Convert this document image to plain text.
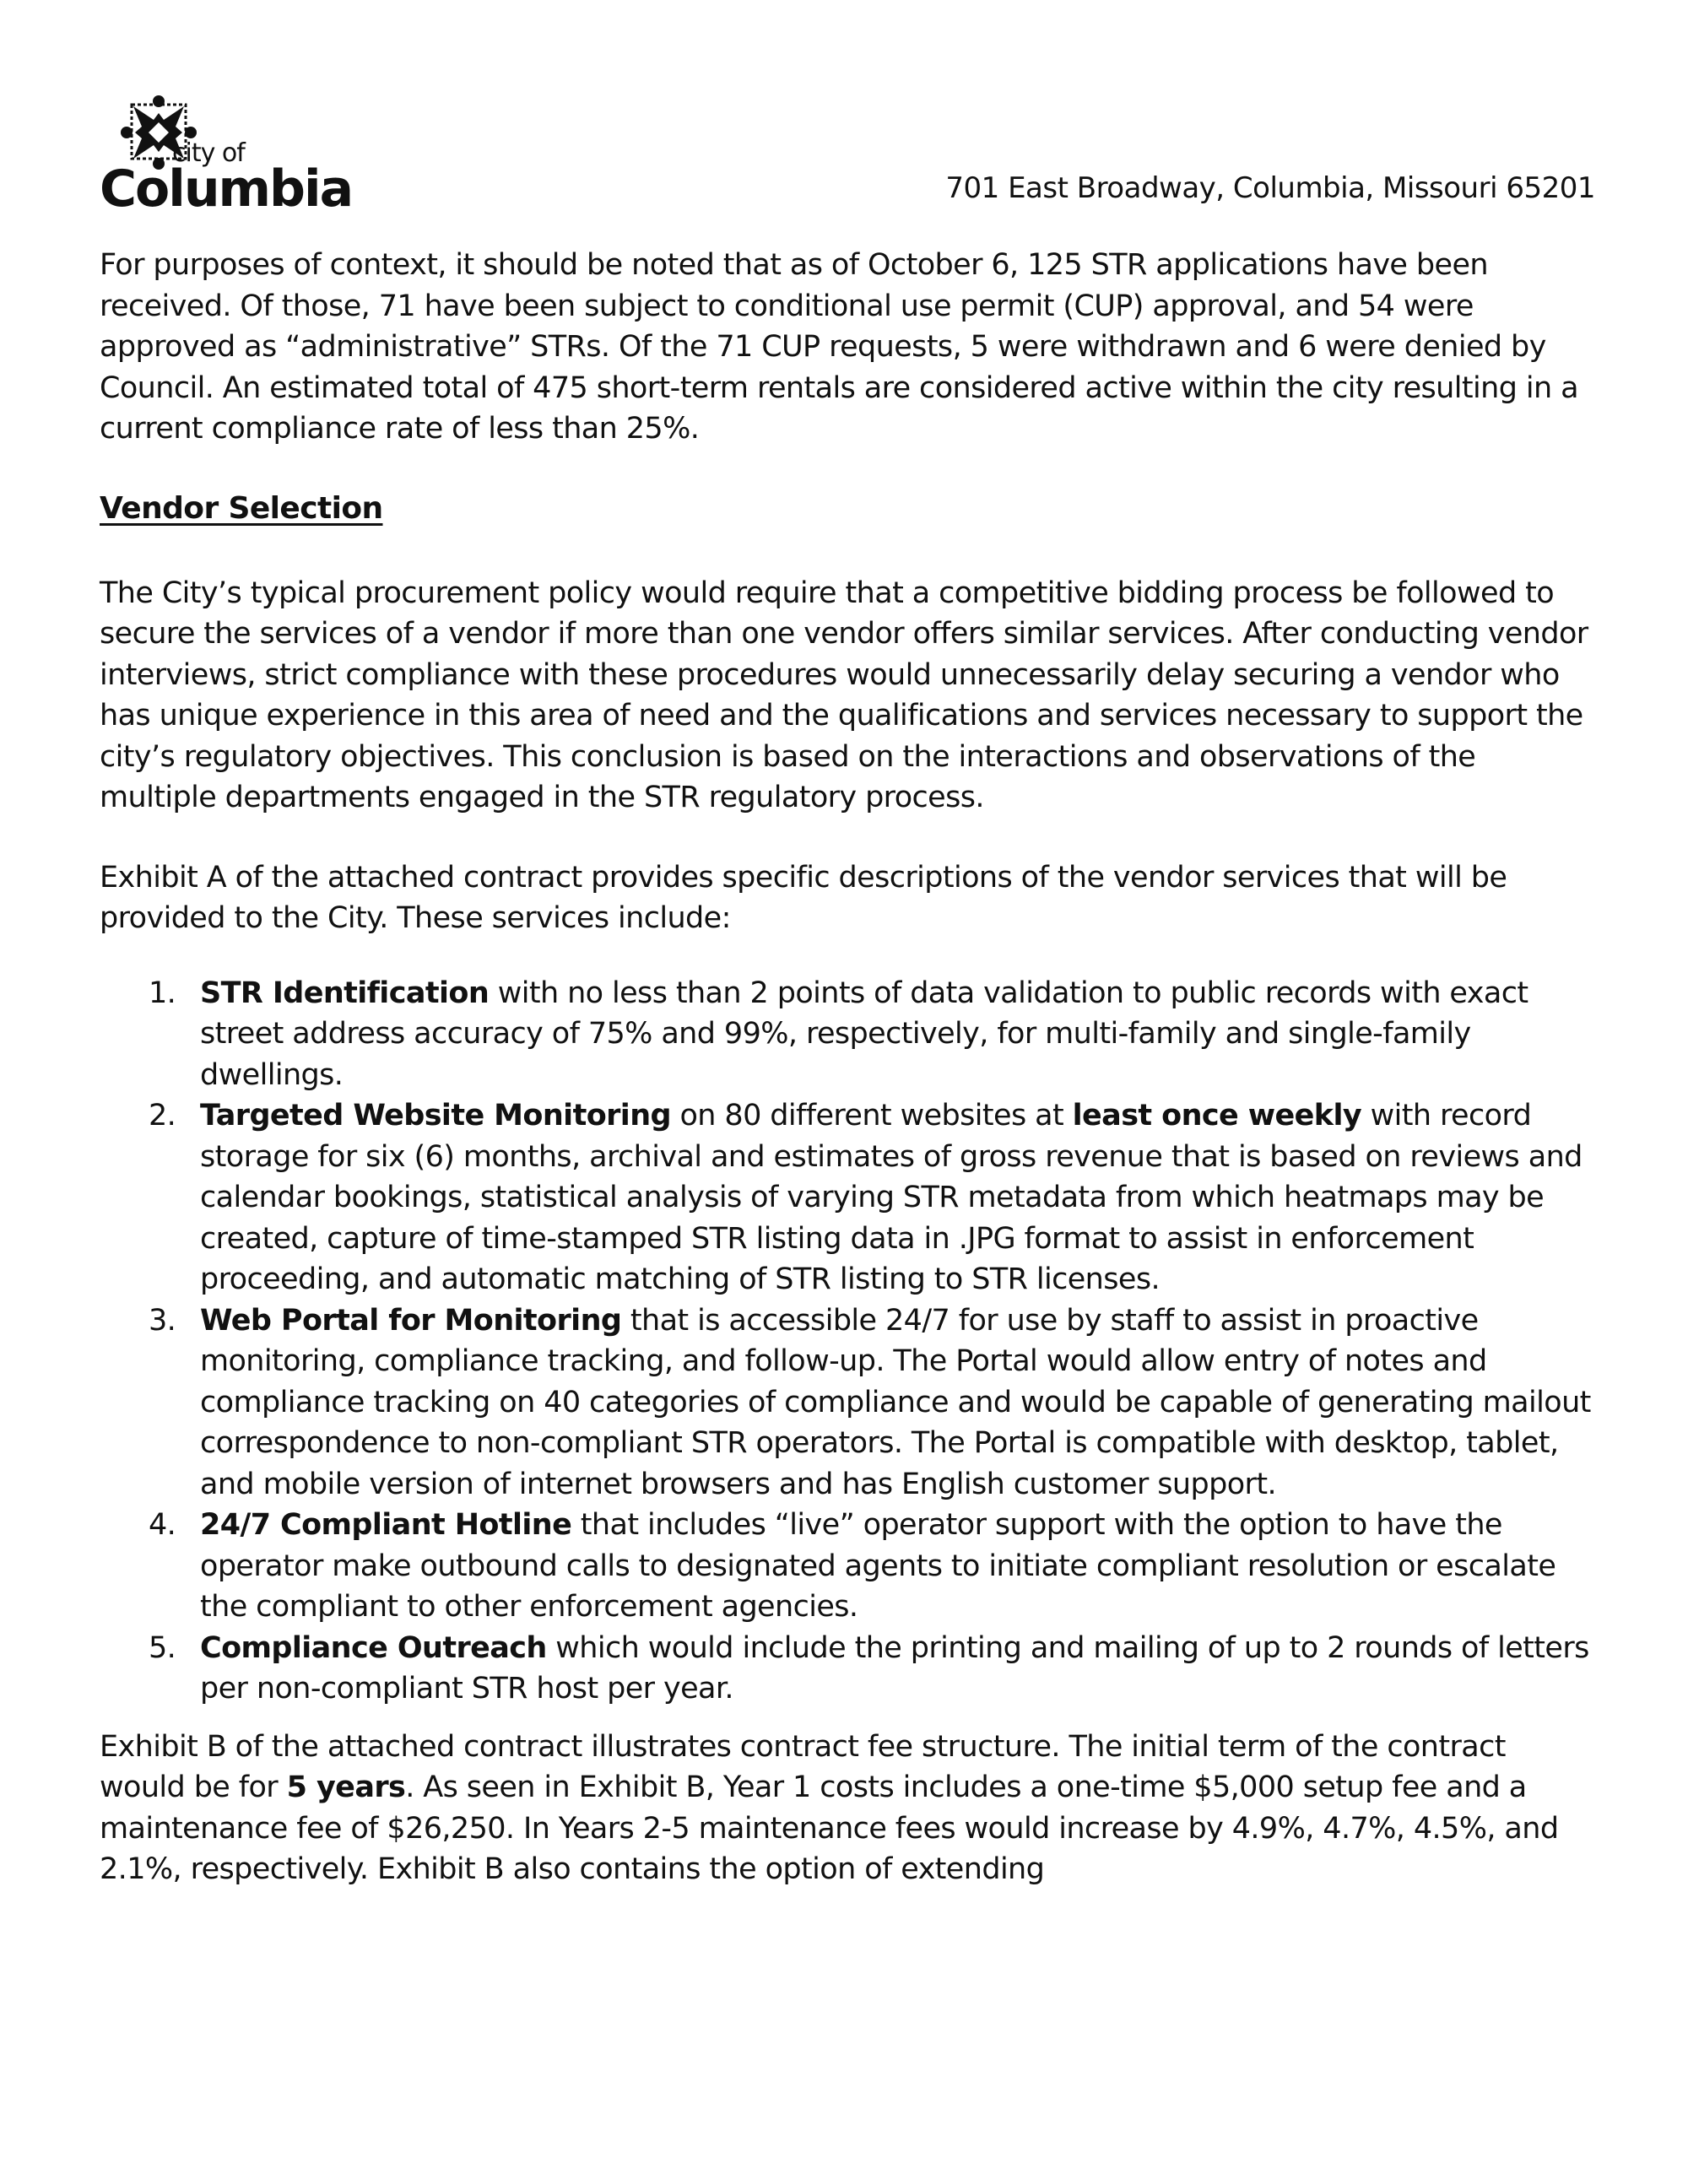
city of
Columbia	701 East Broadway, Columbia, Missouri 65201

For purposes of context, it should be noted that as of October 6, 125 STR applications have been received. Of those, 71 have been subject to conditional use permit (CUP) approval, and 54 were approved as “administrative” STRs. Of the 71 CUP requests, 5 were withdrawn and 6 were denied by Council. An estimated total of 475 short-term rentals are considered active within the city resulting in a current compliance rate of less than 25%.

Vendor Selection

The City’s typical procurement policy would require that a competitive bidding process be followed to secure the services of a vendor if more than one vendor offers similar services. After conducting vendor interviews, strict compliance with these procedures would unnecessarily delay securing a vendor who has unique experience in this area of need and the qualifications and services necessary to support the city’s regulatory objectives. This conclusion is based on the interactions and observations of the multiple departments engaged in the STR regulatory process.

Exhibit A of the attached contract provides specific descriptions of the vendor services that will be provided to the City. These services include:

1. STR Identification with no less than 2 points of data validation to public records with exact street address accuracy of 75% and 99%, respectively, for multi-family and single-family dwellings.
2. Targeted Website Monitoring on 80 different websites at least once weekly with record storage for six (6) months, archival and estimates of gross revenue that is based on reviews and calendar bookings, statistical analysis of varying STR metadata from which heatmaps may be created, capture of time-stamped STR listing data in .JPG format to assist in enforcement proceeding, and automatic matching of STR listing to STR licenses.
3. Web Portal for Monitoring that is accessible 24/7 for use by staff to assist in proactive monitoring, compliance tracking, and follow-up. The Portal would allow entry of notes and compliance tracking on 40 categories of compliance and would be capable of generating mailout correspondence to non-compliant STR operators. The Portal is compatible with desktop, tablet, and mobile version of internet browsers and has English customer support.
4. 24/7 Compliant Hotline that includes “live” operator support with the option to have the operator make outbound calls to designated agents to initiate compliant resolution or escalate the compliant to other enforcement agencies.
5. Compliance Outreach which would include the printing and mailing of up to 2 rounds of letters per non-compliant STR host per year.

Exhibit B of the attached contract illustrates contract fee structure. The initial term of the contract would be for 5 years. As seen in Exhibit B, Year 1 costs includes a one-time $5,000 setup fee and a maintenance fee of $26,250. In Years 2-5 maintenance fees would increase by 4.9%, 4.7%, 4.5%, and 2.1%, respectively. Exhibit B also contains the option of extending
